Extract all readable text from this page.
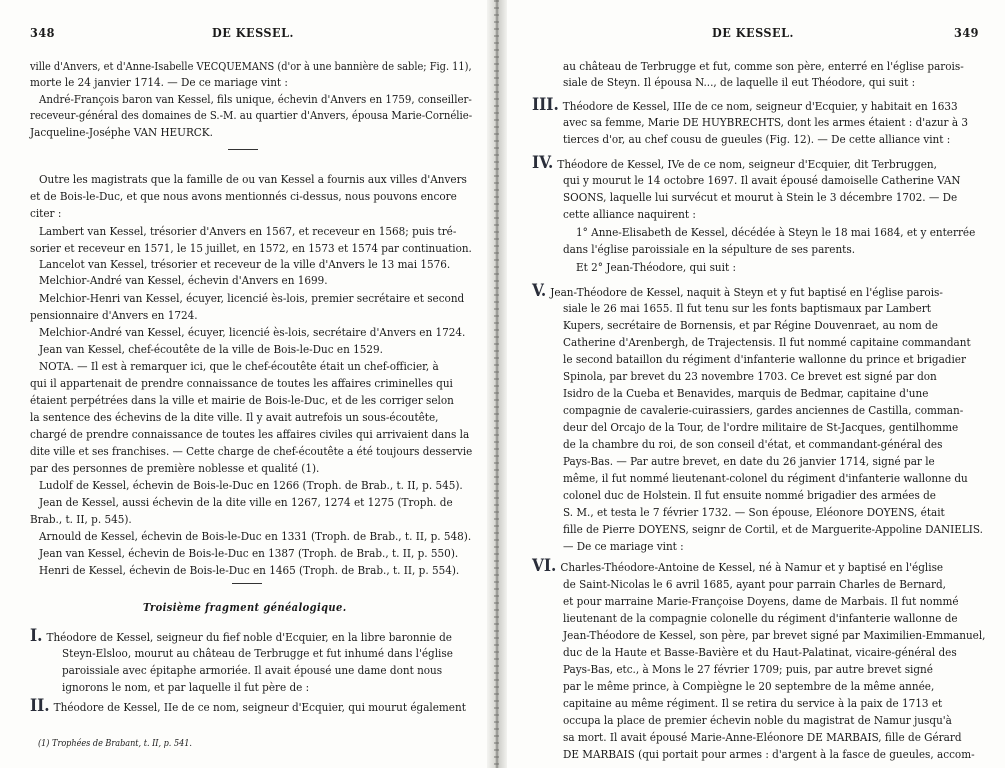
348	DE KESSEL.
ville d'Anvers, et d'Anne-Isabelle VECQUEMANS (d'or à une bannière de sable; Fig. 11),
morte le 24 janvier 1714. — De ce mariage vint :
André-François baron van Kessel, fils unique, échevin d'Anvers en 1759, conseiller-
receveur-général des domaines de S.-M. au quartier d'Anvers, épousa Marie-Cornélie-
Jacqueline-Joséphe VAN HEURCK.
Outre les magistrats que la famille de ou van Kessel a fournis aux villes d'Anvers
et de Bois-le-Duc, et que nous avons mentionnés ci-dessus, nous pouvons encore
citer :
Lambert van Kessel, trésorier d'Anvers en 1567, et receveur en 1568; puis tré-
sorier et receveur en 1571, le 15 juillet, en 1572, en 1573 et 1574 par continuation.
Lancelot van Kessel, trésorier et receveur de la ville d'Anvers le 13 mai 1576.
Melchior-André van Kessel, échevin d'Anvers en 1699.
Melchior-Henri van Kessel, écuyer, licencié ès-lois, premier secrétaire et second
pensionnaire d'Anvers en 1724.
Melchior-André van Kessel, écuyer, licencié ès-lois, secrétaire d'Anvers en 1724.
Jean van Kessel, chef-écoutête de la ville de Bois-le-Duc en 1529.
NOTA. — Il est à remarquer ici, que le chef-écoutête était un chef-officier, à
qui il appartenait de prendre connaissance de toutes les affaires criminelles qui
étaient perpétrées dans la ville et mairie de Bois-le-Duc, et de les corriger selon
la sentence des échevins de la dite ville. Il y avait autrefois un sous-écoutête,
chargé de prendre connaissance de toutes les affaires civiles qui arrivaient dans la
dite ville et ses franchises. — Cette charge de chef-écoutête a été toujours desservie
par des personnes de première noblesse et qualité (1).
Ludolf de Kessel, échevin de Bois-le-Duc en 1266 (Troph. de Brab., t. II, p. 545).
Jean de Kessel, aussi échevin de la dite ville en 1267, 1274 et 1275 (Troph. de
Brab., t. II, p. 545).
Arnould de Kessel, échevin de Bois-le-Duc en 1331 (Troph. de Brab., t. II, p. 548).
Jean van Kessel, échevin de Bois-le-Duc en 1387 (Troph. de Brab., t. II, p. 550).
Henri de Kessel, échevin de Bois-le-Duc en 1465 (Troph. de Brab., t. II, p. 554).
Troisième fragment généalogique.
I. Théodore de Kessel, seigneur du fief noble d'Ecquier, en la libre baronnie de
Steyn-Elsloo, mourut au château de Terbrugge et fut inhumé dans l'église
paroissiale avec épitaphe armoriée. Il avait épousé une dame dont nous
ignorons le nom, et par laquelle il fut père de :
II. Théodore de Kessel, IIe de ce nom, seigneur d'Ecquier, qui mourut également
(1) Trophées de Brabant, t. II, p. 541.
DE KESSEL.	349
au château de Terbrugge et fut, comme son père, enterré en l'église parois-
siale de Steyn. Il épousa N..., de laquelle il eut Théodore, qui suit :
III. Théodore de Kessel, IIIe de ce nom, seigneur d'Ecquier, y habitait en 1633
avec sa femme, Marie DE HUYBRECHTS, dont les armes étaient : d'azur à 3
tierces d'or, au chef cousu de gueules (Fig. 12). — De cette alliance vint :
IV. Théodore de Kessel, IVe de ce nom, seigneur d'Ecquier, dit Terbruggen,
qui y mourut le 14 octobre 1697. Il avait épousé damoiselle Catherine VAN
SOONS, laquelle lui survécut et mourut à Stein le 3 décembre 1702. — De
cette alliance naquirent :
1° Anne-Elisabeth de Kessel, décédée à Steyn le 18 mai 1684, et y enterrée
dans l'église paroissiale en la sépulture de ses parents.
Et 2° Jean-Théodore, qui suit :
V. Jean-Théodore de Kessel, naquit à Steyn et y fut baptisé en l'église parois-
siale le 26 mai 1655. Il fut tenu sur les fonts baptismaux par Lambert
Kupers, secrétaire de Bornensis, et par Régine Douvenraet, au nom de
Catherine d'Arenbergh, de Trajectensis. Il fut nommé capitaine commandant
le second bataillon du régiment d'infanterie wallonne du prince et brigadier
Spinola, par brevet du 23 novembre 1703. Ce brevet est signé par don
Isidro de la Cueba et Benavides, marquis de Bedmar, capitaine d'une
compagnie de cavalerie-cuirassiers, gardes anciennes de Castilla, comman-
deur del Orcajo de la Tour, de l'ordre militaire de St-Jacques, gentilhomme
de la chambre du roi, de son conseil d'état, et commandant-général des
Pays-Bas. — Par autre brevet, en date du 26 janvier 1714, signé par le
même, il fut nommé lieutenant-colonel du régiment d'infanterie wallonne du
colonel duc de Holstein. Il fut ensuite nommé brigadier des armées de
S. M., et testa le 7 février 1732. — Son épouse, Eléonore DOYENS, était
fille de Pierre DOYENS, seignr de Cortil, et de Marguerite-Appoline DANIELIS.
— De ce mariage vint :
VI. Charles-Théodore-Antoine de Kessel, né à Namur et y baptisé en l'église
de Saint-Nicolas le 6 avril 1685, ayant pour parrain Charles de Bernard,
et pour marraine Marie-Françoise Doyens, dame de Marbais. Il fut nommé
lieutenant de la compagnie colonelle du régiment d'infanterie wallonne de
Jean-Théodore de Kessel, son père, par brevet signé par Maximilien-Emmanuel,
duc de la Haute et Basse-Bavière et du Haut-Palatinat, vicaire-général des
Pays-Bas, etc., à Mons le 27 février 1709; puis, par autre brevet signé
par le même prince, à Compiègne le 20 septembre de la même année,
capitaine au même régiment. Il se retira du service à la paix de 1713 et
occupa la place de premier échevin noble du magistrat de Namur jusqu'à
sa mort. Il avait épousé Marie-Anne-Eléonore DE MARBAIS, fille de Gérard
DE MARBAIS (qui portait pour armes : d'argent à la fasce de gueules, accom-
